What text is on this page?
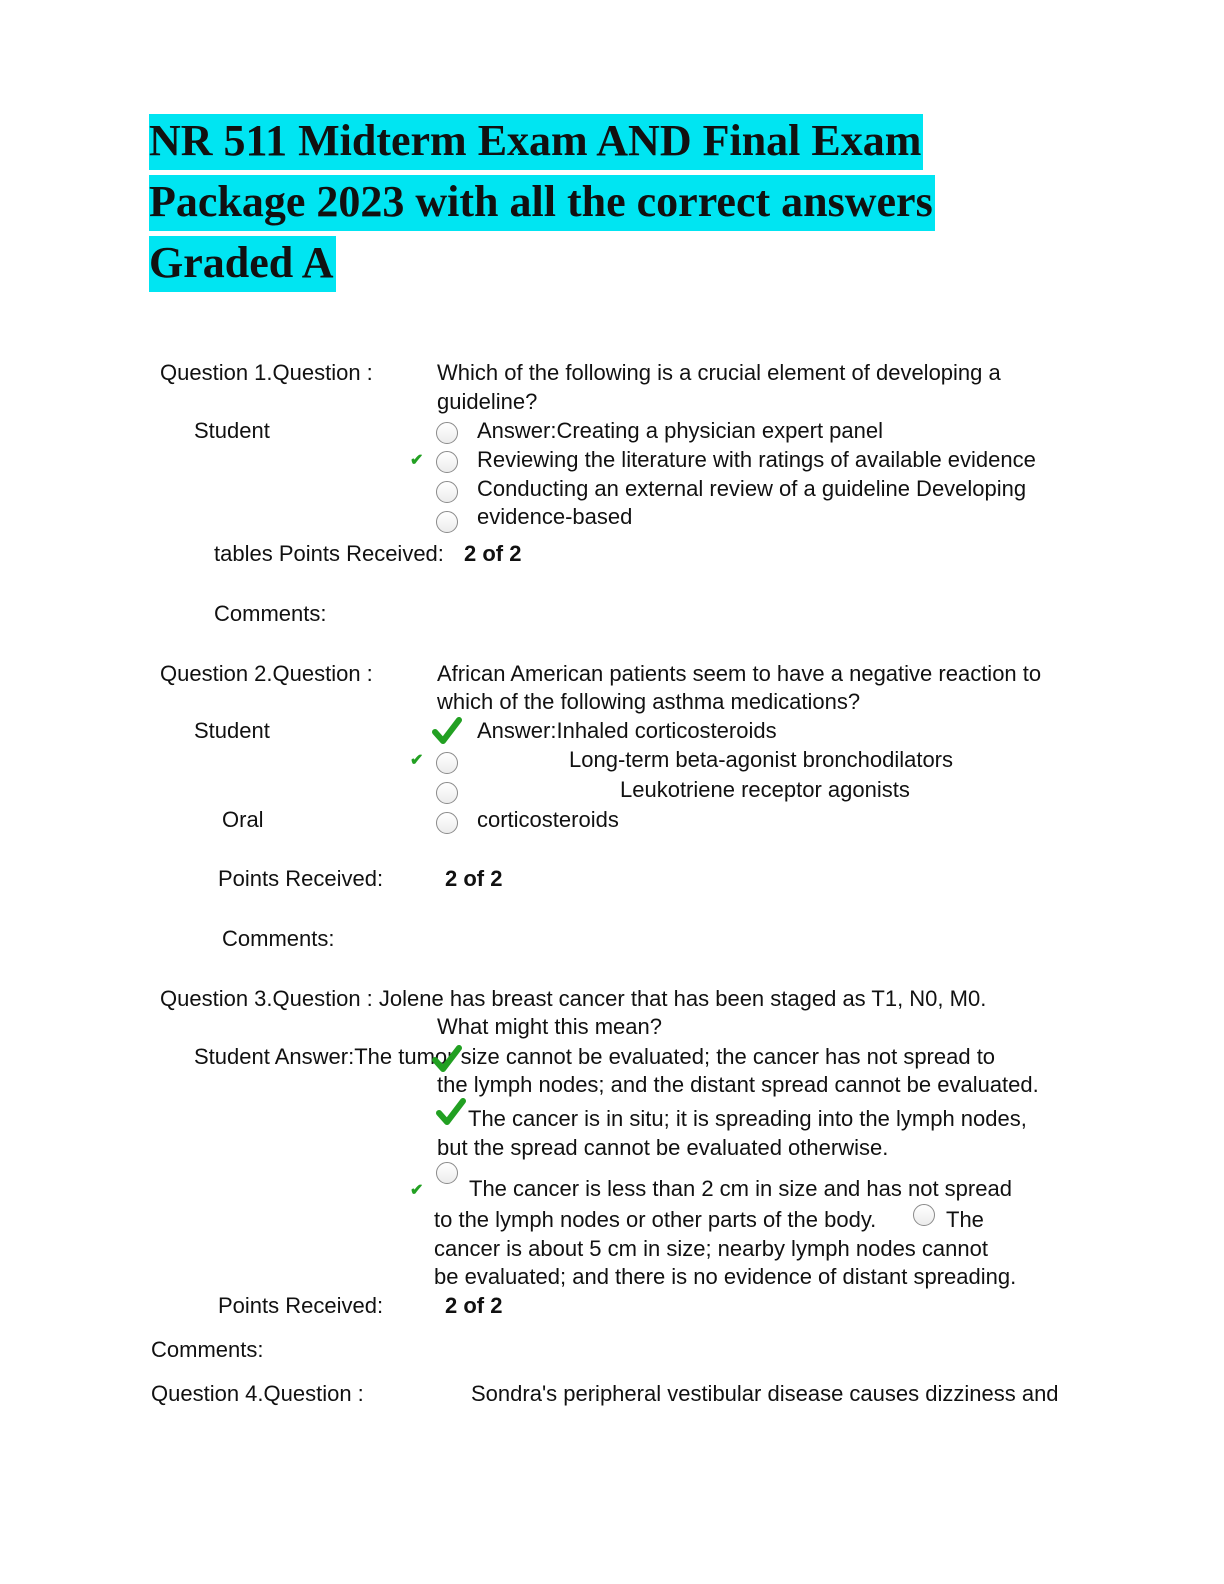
NR 511 Midterm Exam AND Final Exam
Package 2023 with all the correct answers
Graded A
Question 1.Question :	Which of the following is a crucial element of developing a
guideline?
Student	Answer:Creating a physician expert panel
✔ Reviewing the literature with ratings of available evidence
Conducting an external review of a guideline Developing
evidence-based
tables Points Received: 2 of 2
Comments:
Question 2.Question :	African American patients seem to have a negative reaction to
which of the following asthma medications?
Student	Answer:Inhaled corticosteroids
✔	Long-term beta-agonist bronchodilators
Leukotriene receptor agonists
Oral	corticosteroids
Points Received:	2 of 2
Comments:
Question 3.Question : Jolene has breast cancer that has been staged as T1, N0, M0.
What might this mean?
Student Answer:The tumor size cannot be evaluated; the cancer has not spread to
the lymph nodes; and the distant spread cannot be evaluated.
The cancer is in situ; it is spreading into the lymph nodes,
but the spread cannot be evaluated otherwise.
✔ The cancer is less than 2 cm in size and has not spread
to the lymph nodes or other parts of the body.	The
cancer is about 5 cm in size; nearby lymph nodes cannot
be evaluated; and there is no evidence of distant spreading.
Points Received:	2 of 2
Comments:
Question 4.Question :	Sondra's peripheral vestibular disease causes dizziness and
